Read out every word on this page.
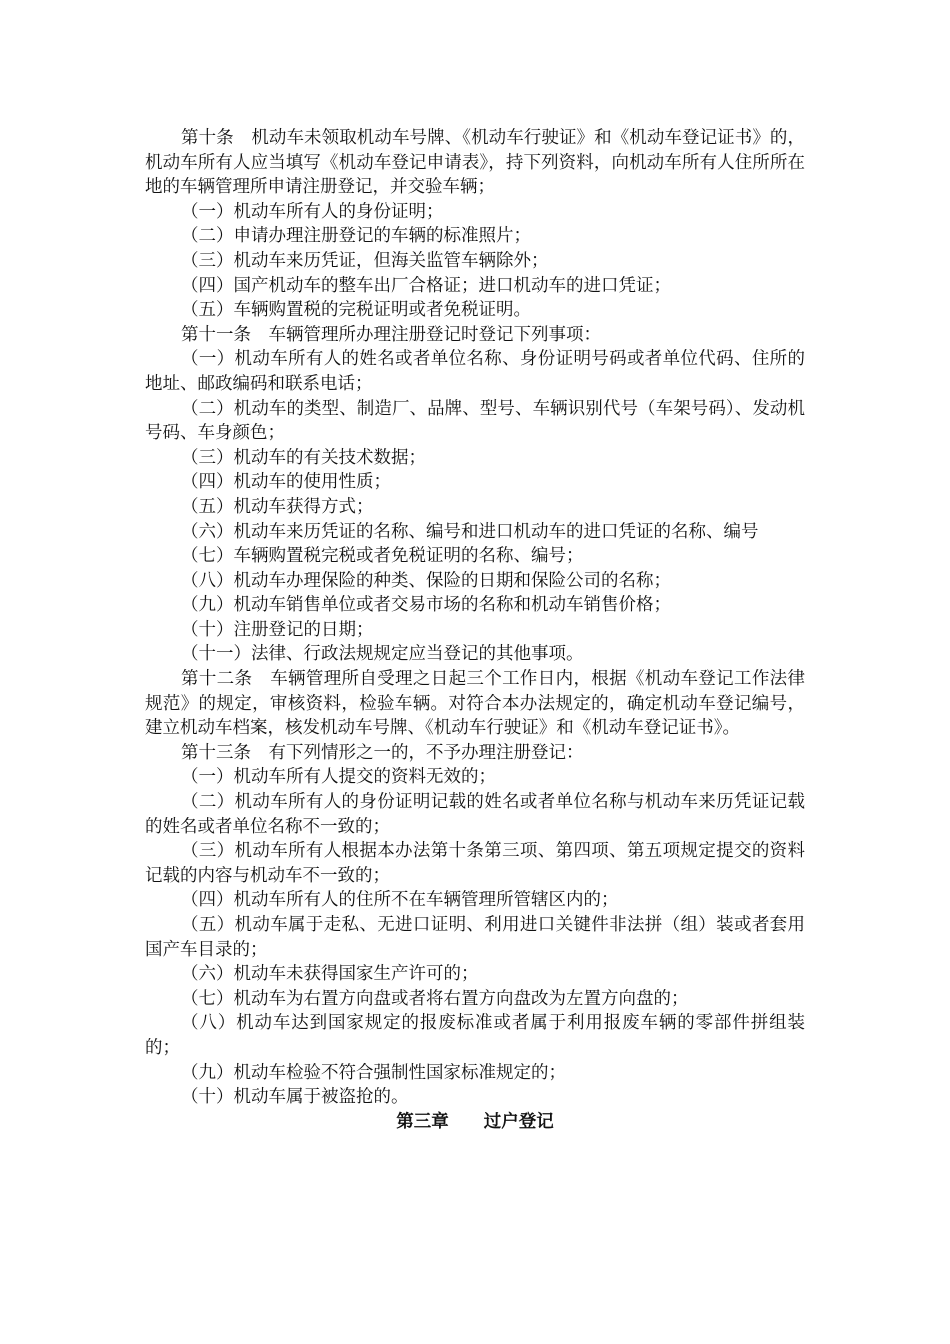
第十条　机动车未领取机动车号牌、《机动车行驶证》和《机动车登记证书》的，机动车所有人应当填写《机动车登记申请表》，持下列资料，向机动车所有人住所所在地的车辆管理所申请注册登记，并交验车辆；

（一）机动车所有人的身份证明；

（二）申请办理注册登记的车辆的标准照片；

（三）机动车来历凭证，但海关监管车辆除外；

（四）国产机动车的整车出厂合格证；进口机动车的进口凭证；

（五）车辆购置税的完税证明或者免税证明。

第十一条　车辆管理所办理注册登记时登记下列事项：

（一）机动车所有人的姓名或者单位名称、身份证明号码或者单位代码、住所的地址、邮政编码和联系电话；

（二）机动车的类型、制造厂、品牌、型号、车辆识别代号（车架号码）、发动机号码、车身颜色；

（三）机动车的有关技术数据；

（四）机动车的使用性质；

（五）机动车获得方式；

（六）机动车来历凭证的名称、编号和进口机动车的进口凭证的名称、编号

（七）车辆购置税完税或者免税证明的名称、编号；

（八）机动车办理保险的种类、保险的日期和保险公司的名称；

（九）机动车销售单位或者交易市场的名称和机动车销售价格；

（十）注册登记的日期；

（十一）法律、行政法规规定应当登记的其他事项。

第十二条　车辆管理所自受理之日起三个工作日内，根据《机动车登记工作法律规范》的规定，审核资料，检验车辆。对符合本办法规定的，确定机动车登记编号，建立机动车档案，核发机动车号牌、《机动车行驶证》和《机动车登记证书》。

第十三条　有下列情形之一的，不予办理注册登记：

（一）机动车所有人提交的资料无效的；

（二）机动车所有人的身份证明记载的姓名或者单位名称与机动车来历凭证记载的姓名或者单位名称不一致的；

（三）机动车所有人根据本办法第十条第三项、第四项、第五项规定提交的资料记载的内容与机动车不一致的；

（四）机动车所有人的住所不在车辆管理所管辖区内的；

（五）机动车属于走私、无进口证明、利用进口关键件非法拼（组）装或者套用国产车目录的；

（六）机动车未获得国家生产许可的；

（七）机动车为右置方向盘或者将右置方向盘改为左置方向盘的；

（八）机动车达到国家规定的报废标准或者属于利用报废车辆的零部件拼组装的；

（九）机动车检验不符合强制性国家标准规定的；

（十）机动车属于被盗抢的。

第三章　　过户登记
